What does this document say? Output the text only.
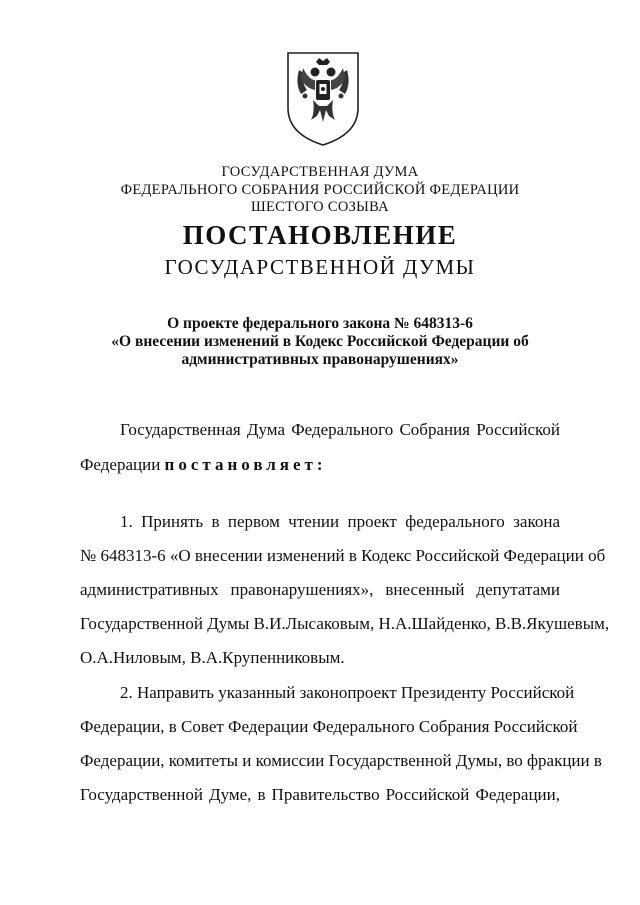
ГОСУДАРСТВЕННАЯ ДУМА
ФЕДЕРАЛЬНОГО СОБРАНИЯ РОССИЙСКОЙ ФЕДЕРАЦИИ
ШЕСТОГО СОЗЫВА
ПОСТАНОВЛЕНИЕ
ГОСУДАРСТВЕННОЙ ДУМЫ
О проекте федерального закона № 648313-6
«О внесении изменений в Кодекс Российской Федерации об
административных правонарушениях»
Государственная Дума Федерального Собрания Российской
Федерации постановляет:
1. Принять в первом чтении проект федерального закона
№ 648313-6 «О внесении изменений в Кодекс Российской Федерации об
административных правонарушениях», внесенный депутатами
Государственной Думы В.И.Лысаковым, Н.А.Шайденко, В.В.Якушевым,
О.А.Ниловым, В.А.Крупенниковым.
2. Направить указанный законопроект Президенту Российской
Федерации, в Совет Федерации Федерального Собрания Российской
Федерации, комитеты и комиссии Государственной Думы, во фракции в
Государственной Думе, в Правительство Российской Федерации,
